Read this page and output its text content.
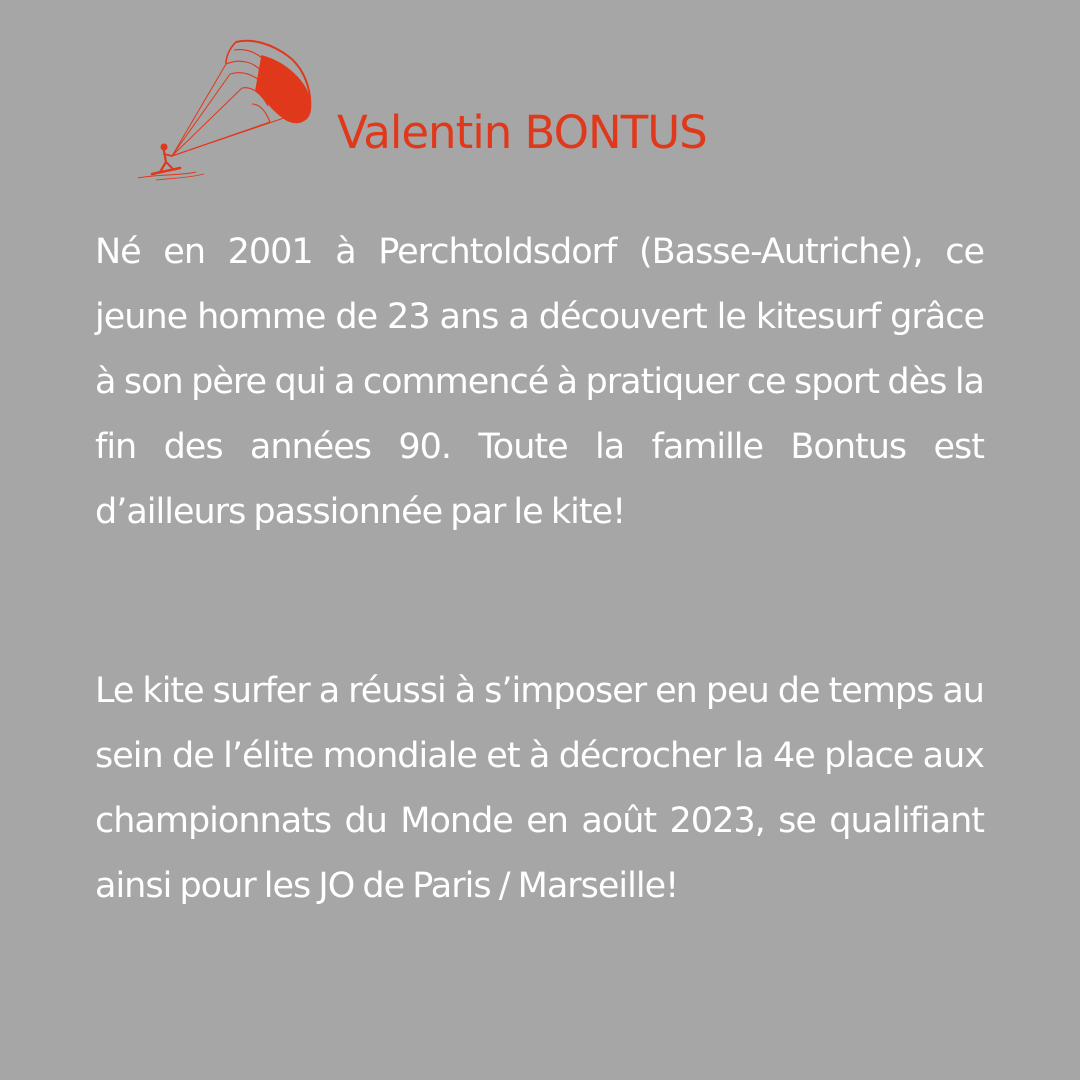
Valentin BONTUS

Né en 2001 à Perchtoldsdorf (Basse-Autriche), ce jeune homme de 23 ans a découvert le kitesurf grâce à son père qui a commencé à pratiquer ce sport dès la fin des années 90. Toute la famille Bontus est d’ailleurs passionnée par le kite!

Le kite surfer a réussi à s’imposer en peu de temps au sein de l’élite mondiale et à décrocher la 4e place aux championnats du Monde en août 2023, se qualifiant ainsi pour les JO de Paris / Marseille!
